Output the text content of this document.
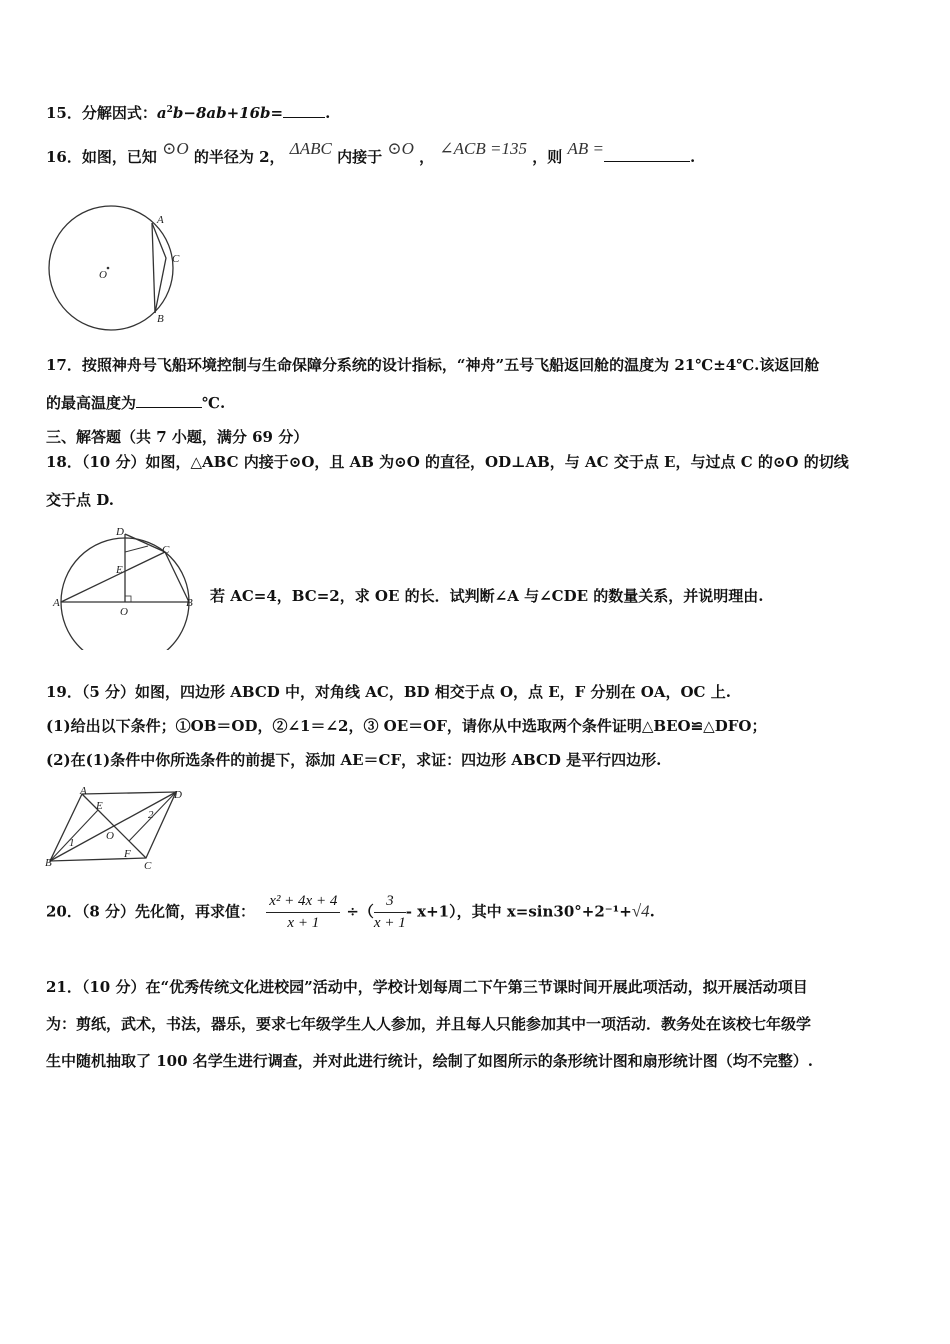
15．分解因式：$a^2b-8ab+16b=$	.
16．如图，已知 ⊙O 的半径为 2， ΔABC 内接于 ⊙O ， ∠ACB =135 ，则 AB =	.
O
A
C
B
17．按照神舟号飞船环境控制与生命保障分系统的设计指标，“神舟”五号飞船返回舱的温度为 21℃±4℃.该返回舱
的最高温度为	℃.
三、解答题（共 7 小题，满分 69 分）
18．（10 分）如图，△ABC 内接于⊙O，且 AB 为⊙O 的直径，OD⊥AB，与 AC 交于点 E，与过点 C 的⊙O 的切线
交于点 D.
D
C
E
A
O
B 若 AC=4，BC=2，求 OE 的长．试判断∠A 与∠CDE 的数量关系，并说明理由.
19．（5 分）如图，四边形 ABCD 中，对角线 AC，BD 相交于点 O，点 E，F 分别在 OA，OC 上.
(1)给出以下条件；①OB＝OD，②∠1＝∠2，③ OE＝OF，请你从中选取两个条件证明△BEO≌△DFO；
(2)在(1)条件中你所选条件的前提下，添加 AE＝CF，求证：四边形 ABCD 是平行四边形.
A	D
E
O
F
B	C
1
2
20．（8 分）先化简，再求值： $\frac{\text{x² + 4x + 4}}{x + 1}$ ÷（ $\frac{3}{x + 1} - x+1$），其中 x=sin30°+2⁻¹+√4.
21．（10 分）在“优秀传统文化进校园”活动中，学校计划每周二下午第三节课时间开展此项活动，拟开展活动项目
为：剪纸，武术，书法，器乐，要求七年级学生人人参加，并且每人只能参加其中一项活动．教务处在该校七年级学
生中随机抽取了 100 名学生进行调查，并对此进行统计，绘制了如图所示的条形统计图和扇形统计图（均不完整）.
